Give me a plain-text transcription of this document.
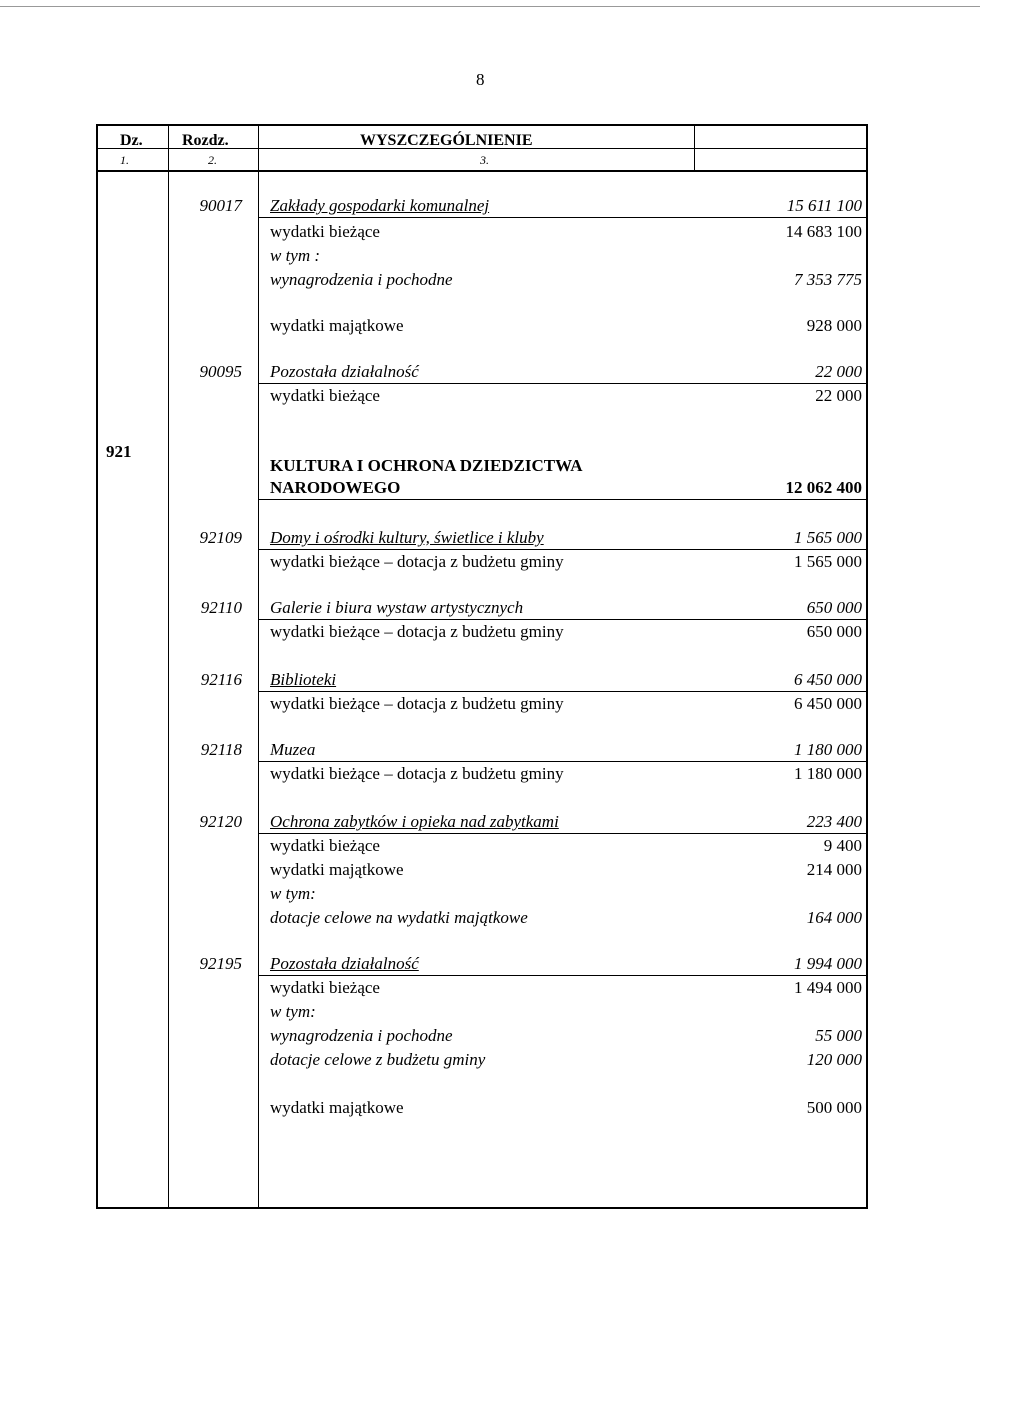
8
Dz. Rozdz.	WYSZCZEGÓLNIENIE
1.	2.	3.
90017 Zakłady gospodarki komunalnej	15 611 100
wydatki bieżące	14 683 100
w tym :
wynagrodzenia i pochodne	7 353 775
wydatki majątkowe	928 000
90095 Pozostała działalność	22 000
wydatki bieżące	22 000
921
KULTURA I OCHRONA DZIEDZICTWA
NARODOWEGO	12 062 400
92109 Domy i ośrodki kultury, świetlice i kluby	1 565 000
wydatki bieżące – dotacja z budżetu gminy	1 565 000
92110 Galerie i biura wystaw artystycznych	650 000
wydatki bieżące – dotacja z budżetu gminy	650 000
92116 Biblioteki	6 450 000
wydatki bieżące – dotacja z budżetu gminy	6 450 000
92118 Muzea	1 180 000
wydatki bieżące – dotacja z budżetu gminy	1 180 000
92120 Ochrona zabytków i opieka nad zabytkami	223 400
wydatki bieżące	9 400
wydatki majątkowe	214 000
w tym:
dotacje celowe na wydatki majątkowe	164 000
92195 Pozostała działalność	1 994 000
wydatki bieżące	1 494 000
w tym:
wynagrodzenia i pochodne	55 000
dotacje celowe z budżetu gminy	120 000
wydatki majątkowe	500 000
